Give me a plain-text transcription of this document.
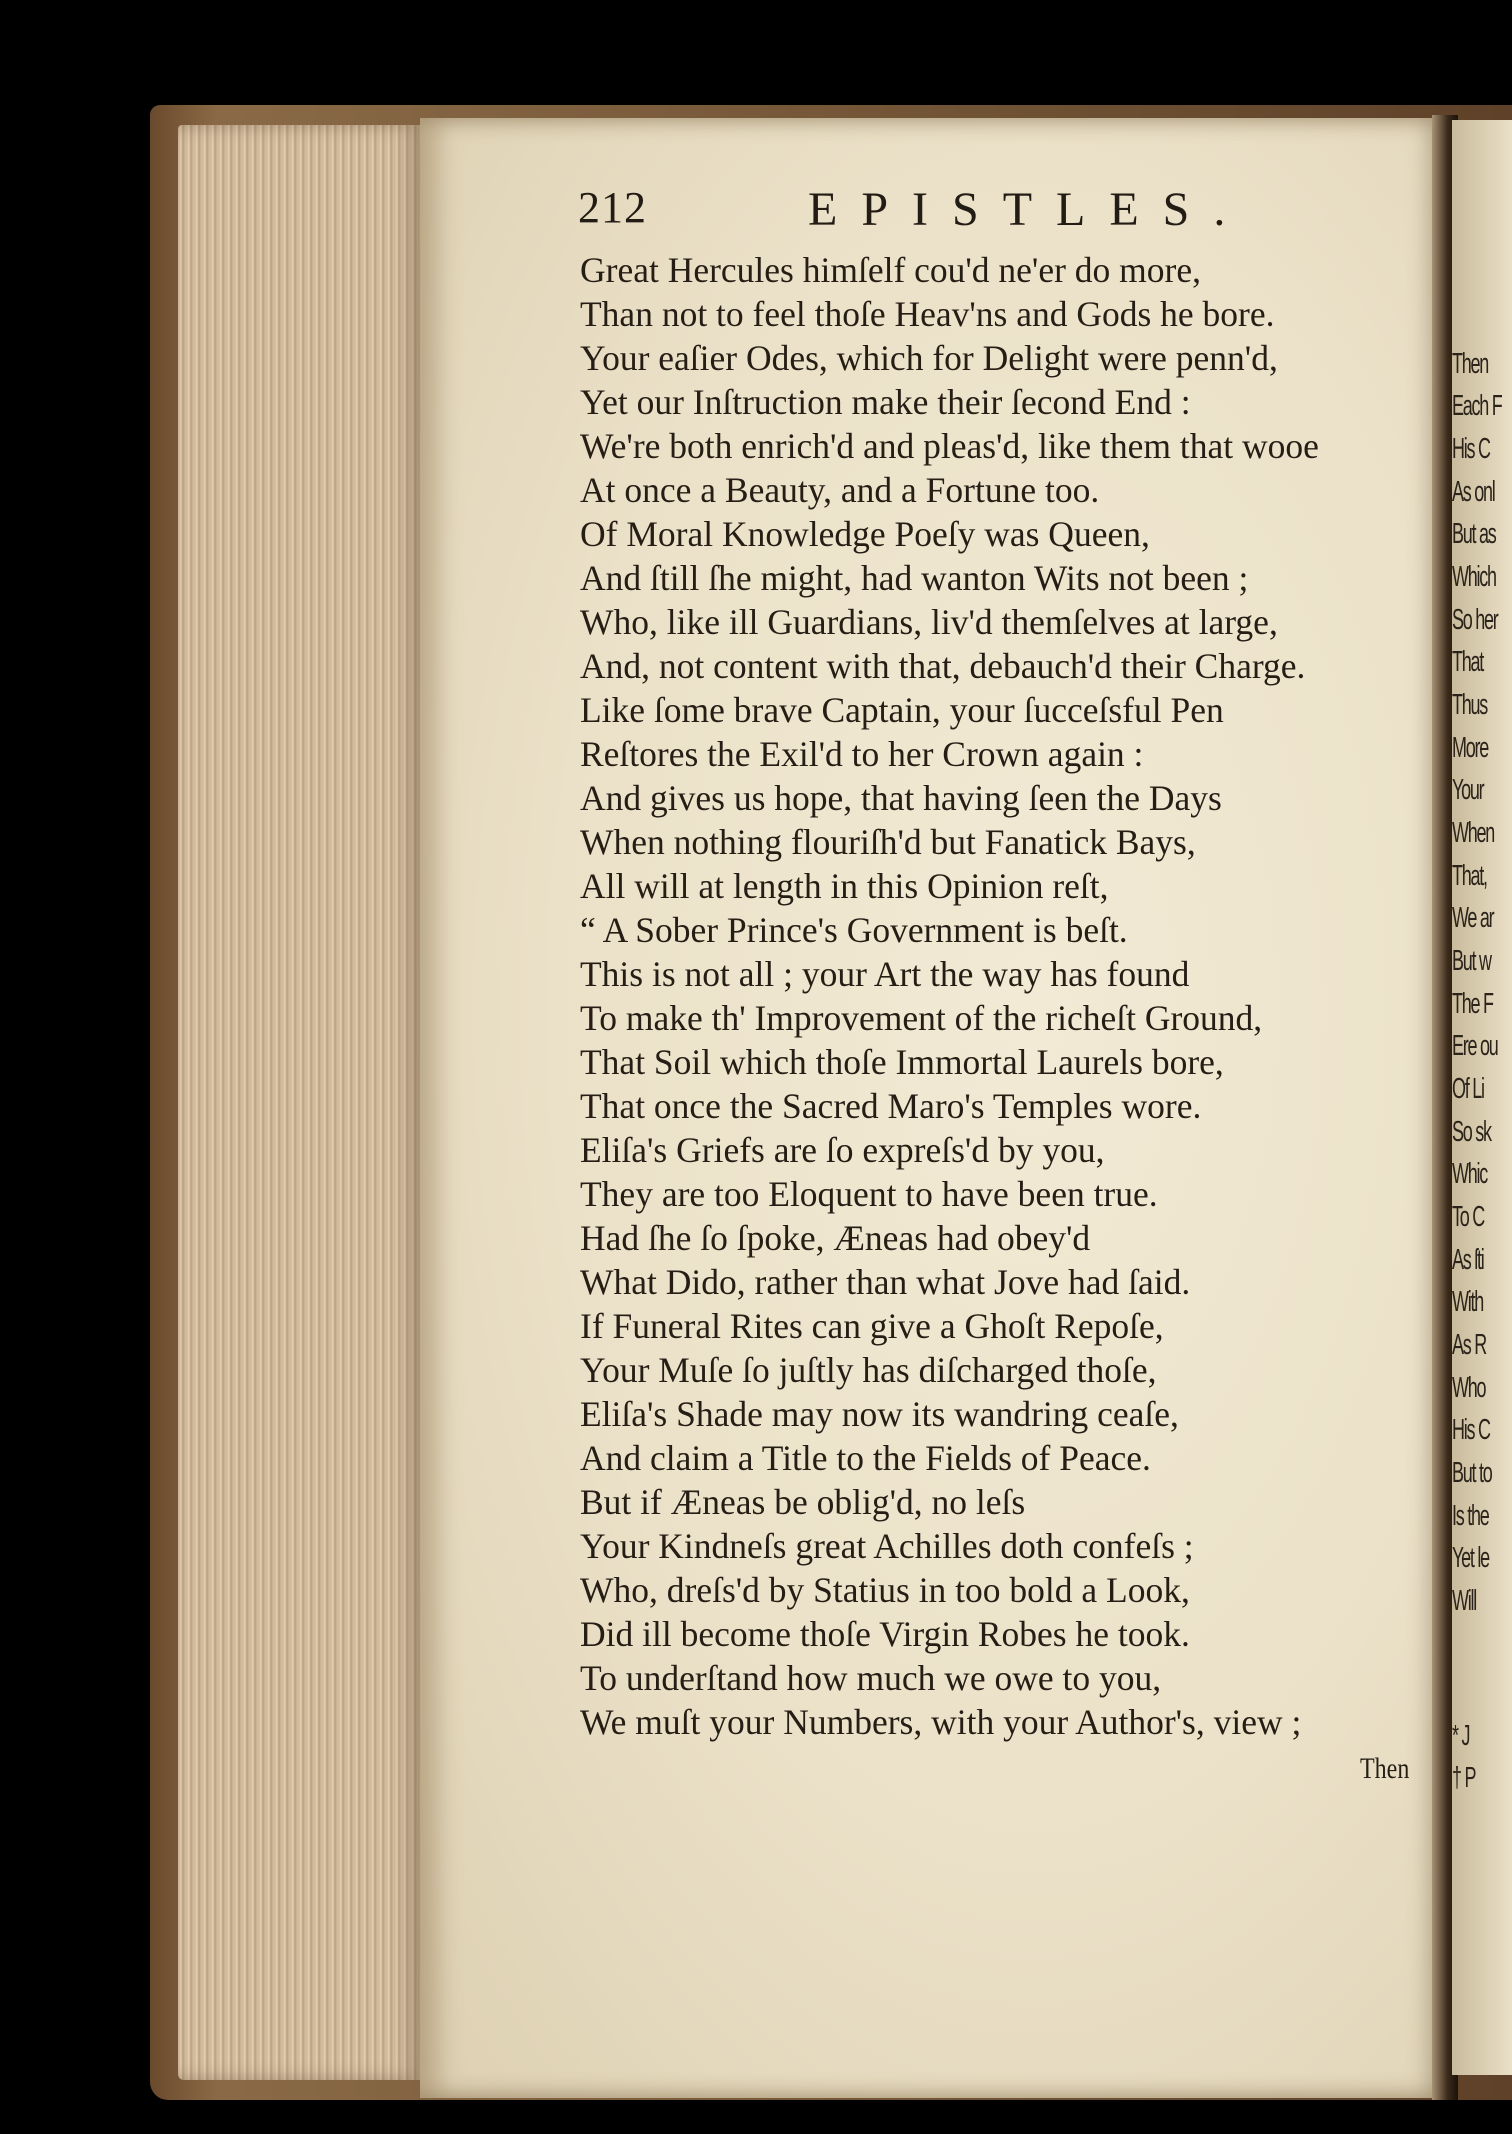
Then
Each F
His C
As onl
But as
Which
So her
That
Thus
More
Your
When
That,
We ar
But w
The F
Ere ou
Of Li
So sk
Whic
To C
As ſti
With
As R
Who
His C
But to
Is the
Yet le
Will
* J
† P
212	EPISTLES.
Great Hercules himſelf cou'd ne'er do more,
Than not to feel thoſe Heav'ns and Gods he bore.
Your eaſier Odes, which for Delight were penn'd,
Yet our Inſtruction make their ſecond End :
We're both enrich'd and pleas'd, like them that wooe
At once a Beauty, and a Fortune too.
Of Moral Knowledge Poeſy was Queen,
And ſtill ſhe might, had wanton Wits not been ;
Who, like ill Guardians, liv'd themſelves at large,
And, not content with that, debauch'd their Charge.
Like ſome brave Captain, your ſucceſsful Pen
Reſtores the Exil'd to her Crown again :
And gives us hope, that having ſeen the Days
When nothing flouriſh'd but Fanatick Bays,
All will at length in this Opinion reſt,
“ A Sober Prince's Government is beſt.
This is not all ; your Art the way has found
To make th' Improvement of the richeſt Ground,
That Soil which thoſe Immortal Laurels bore,
That once the Sacred Maro's Temples wore.
Eliſa's Griefs are ſo expreſs'd by you,
They are too Eloquent to have been true.
Had ſhe ſo ſpoke, Æneas had obey'd
What Dido, rather than what Jove had ſaid.
If Funeral Rites can give a Ghoſt Repoſe,
Your Muſe ſo juſtly has diſcharged thoſe,
Eliſa's Shade may now its wandring ceaſe,
And claim a Title to the Fields of Peace.
But if Æneas be oblig'd, no leſs
Your Kindneſs great Achilles doth confeſs ;
Who, dreſs'd by Statius in too bold a Look,
Did ill become thoſe Virgin Robes he took.
To underſtand how much we owe to you,
We muſt your Numbers, with your Author's, view ;
Then
